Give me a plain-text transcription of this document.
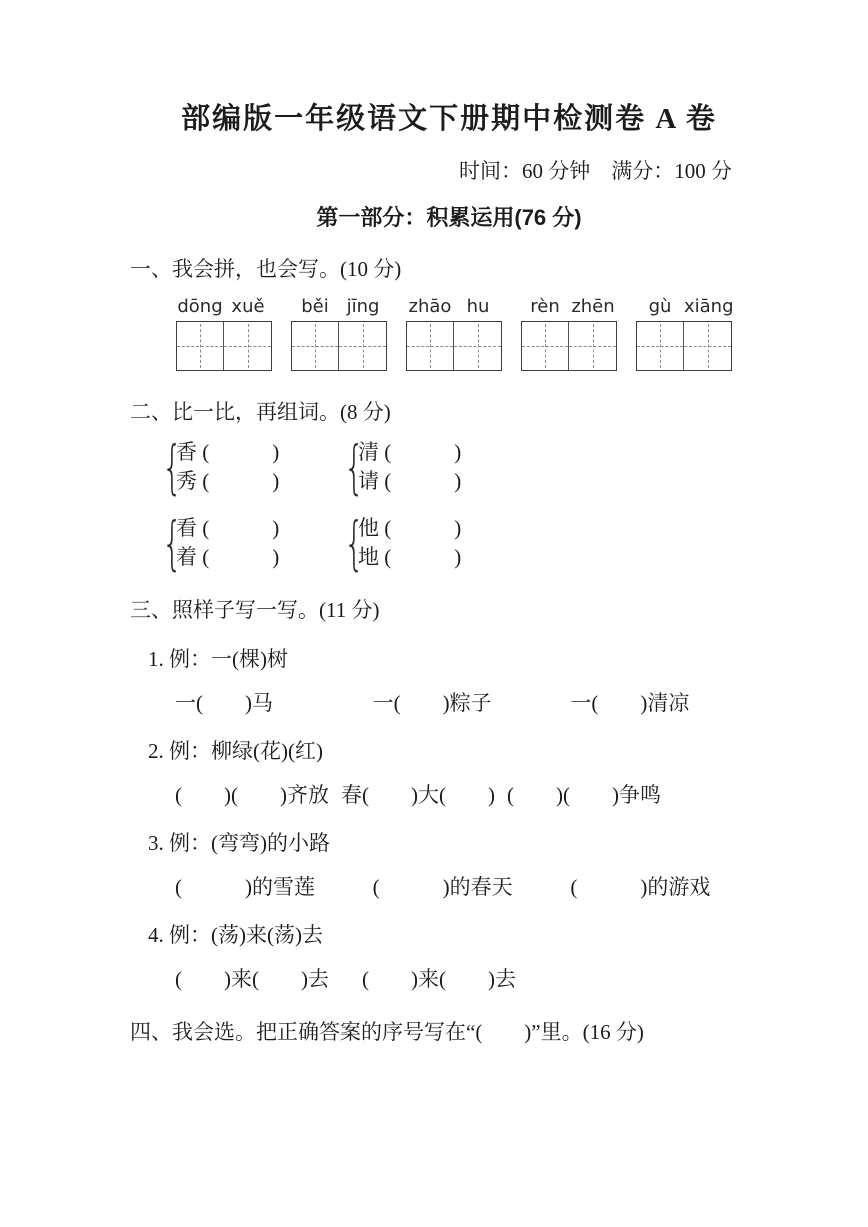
部编版一年级语文下册期中检测卷 A 卷
时间：60 分钟　满分：100 分
第一部分：积累运用(76 分)
一、我会拼，也会写。(10 分)
dōng xuě	běi jīng	zhāo hu	rèn zhēn	gù xiāng
二、比一比，再组词。(8 分)
{
香 (　　　)
秀 (　　　) {
清 (　　　)
请 (　　　)
{
看 (　　　)
着 (　　　) {
他 (　　　)
地 (　　　)
三、照样子写一写。(11 分)
1. 例：一(棵)树
一(　　)马	一(　　)粽子	一(　　)清凉
2. 例：柳绿(花)(红)
(　　)(　　)齐放 春(　　)大(　　) (　　)(　　)争鸣
3. 例：(弯弯)的小路
(　　　)的雪莲	(　　　)的春天	(　　　)的游戏
4. 例：(荡)来(荡)去
(　　)来(　　)去	(　　)来(　　)去
四、我会选。把正确答案的序号写在“(　　)”里。(16 分)
